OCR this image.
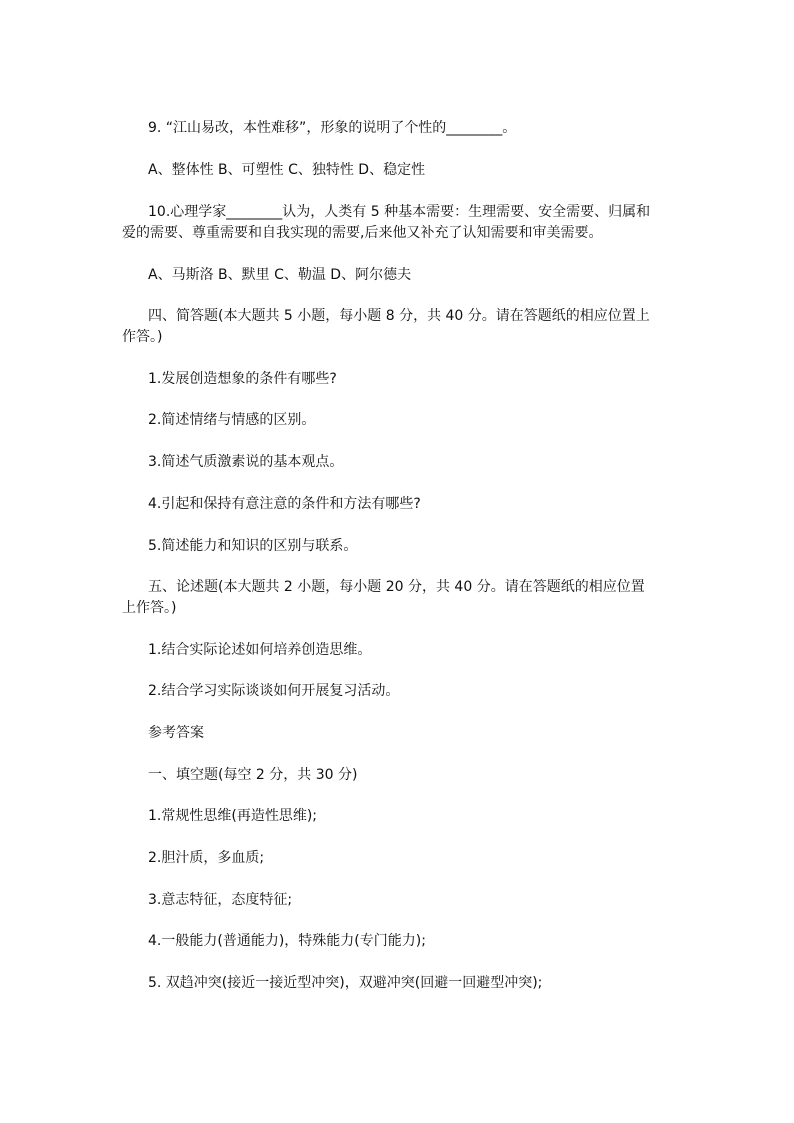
9. “江山易改，本性难移”，形象的说明了个性的________。
A、整体性 B、可塑性 C、独特性 D、稳定性
10.心理学家________认为，人类有 5 种基本需要：生理需要、安全需要、归属和爱的需要、尊重需要和自我实现的需要,后来他又补充了认知需要和审美需要。
A、马斯洛 B、默里 C、勒温 D、阿尔德夫
四、简答题(本大题共 5 小题，每小题 8 分，共 40 分。请在答题纸的相应位置上作答。)
1.发展创造想象的条件有哪些?
2.简述情绪与情感的区别。
3.简述气质激素说的基本观点。
4.引起和保持有意注意的条件和方法有哪些?
5.简述能力和知识的区别与联系。
五、论述题(本大题共 2 小题，每小题 20 分，共 40 分。请在答题纸的相应位置上作答。)
1.结合实际论述如何培养创造思维。
2.结合学习实际谈谈如何开展复习活动。
参考答案
一、填空题(每空 2 分，共 30 分)
1.常规性思维(再造性思维);
2.胆汁质，多血质;
3.意志特征，态度特征;
4.一般能力(普通能力)，特殊能力(专门能力);
5. 双趋冲突(接近一接近型冲突)，双避冲突(回避一回避型冲突);
